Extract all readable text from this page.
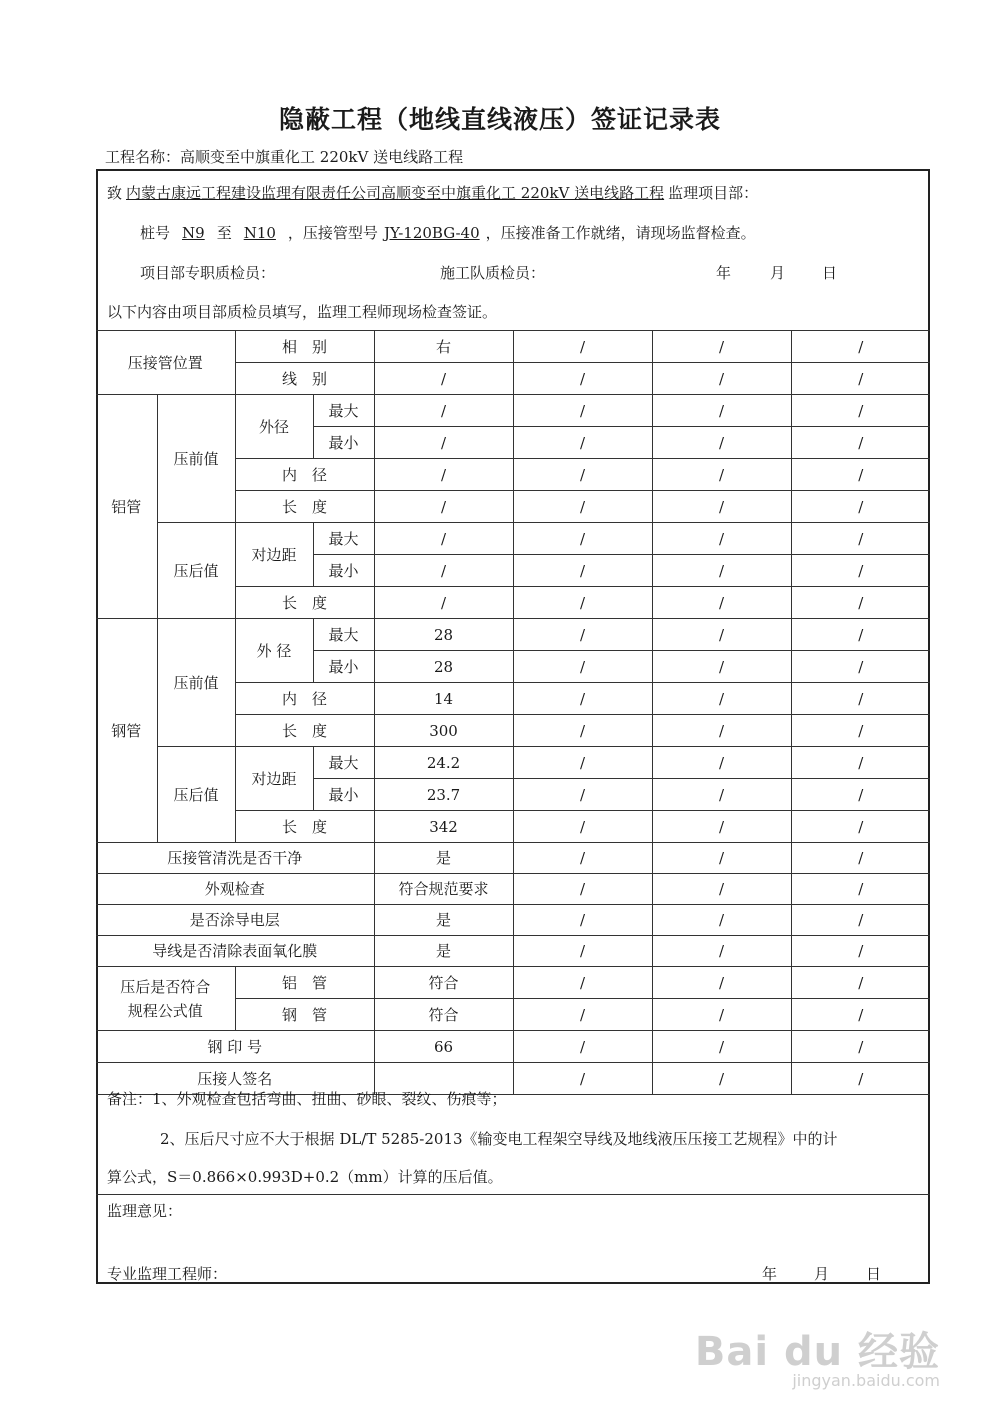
隐蔽工程（地线直线液压）签证记录表
工程名称：高顺变至中旗重化工 220kV 送电线路工程
致 内蒙古康远工程建设监理有限责任公司高顺变至中旗重化工 220kV 送电线路工程 监理项目部：
桩号 N9 至 N10 ，压接管型号 JY-120BG-40 ，压接准备工作就绪，请现场监督检查。
项目部专职质检员：	施工队质检员：	年	月 日
以下内容由项目部质检员填写，监理工程师现场检查签证。
压接管位置		相　别		右	/	/	/
		线　别		/	/	/	/
铝管	压前值	外径	最大	/	/	/	/
			最小	/	/	/	/
		内　径		/	/	/	/
		长　度		/	/	/	/
	压后值	对边距	最大	/	/	/	/
			最小	/	/	/	/
		长　度		/	/	/	/
钢管	压前值	外 径	最大	28	/	/	/
			最小	28	/	/	/
		内　径		14	/	/	/
		长　度		300	/	/	/
	压后值	对边距	最大	24.2	/	/	/
			最小	23.7	/	/	/
		长　度		342	/	/	/
压接管清洗是否干净				是	/	/	/
外观检查				符合规范要求	/	/	/
是否涂导电层				是	/	/	/
导线是否清除表面氧化膜				是	/	/	/

压后是否符合规程公式值		铝　管		符合	/	/	/
		钢　管		符合	/	/	/
钢 印 号				66	/	/	/
压接人签名					/	/	/
备注：1、外观检查包括弯曲、扭曲、砂眼、裂纹、伤痕等；
2、压后尺寸应不大于根据 DL/T 5285-2013《输变电工程架空导线及地线液压压接工艺规程》中的计
算公式，S＝0.866×0.993D+0.2（mm）计算的压后值。
监理意见：
专业监理工程师：	年	月	日
Bai du 经验
jingyan.baidu.com
